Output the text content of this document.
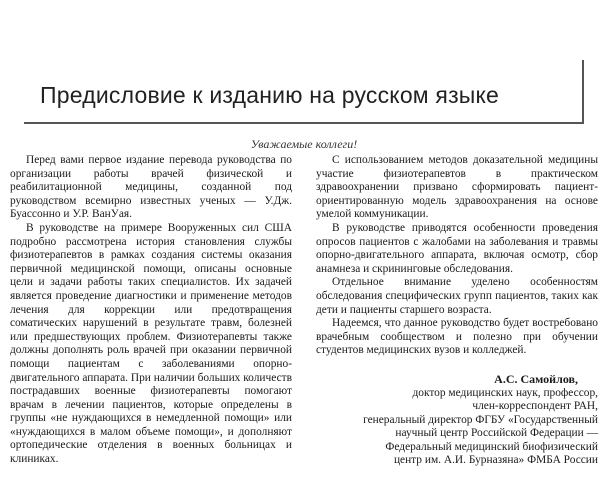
Предисловие к изданию на русском языке
Уважаемые коллеги!

Перед вами первое издание перевода руководства по организации работы врачей физической и реабилитационной медицины, созданной под руководством всемирно известных ученых — У.Дж. Буассонно и У.Р. ВанУая.

В руководстве на примере Вооруженных сил США подробно рассмотрена история становления службы физиотерапевтов в рамках создания системы оказания первичной медицинской помощи, описаны основные цели и задачи работы таких специалистов. Их задачей является проведение диагностики и применение методов лечения для коррекции или предотвращения соматических нарушений в результате травм, болезней или предшествующих проблем. Физиотерапевты также должны дополнять роль врачей при оказании первичной помощи пациентам с заболеваниями опорно-двигательного аппарата. При наличии больших количеств пострадавших военные физиотерапевты помогают врачам в лечении пациентов, которые определены в группы «не нуждающихся в немедленной помощи» или «нуждающихся в малом объеме помощи», и дополняют ортопедические отделения в военных больницах и клиниках.

С использованием методов доказательной медицины участие физиотерапевтов в практическом здравоохранении призвано сформировать пациент-ориентированную модель здравоохранения на основе умелой коммуникации.

В руководстве приводятся особенности проведения опросов пациентов с жалобами на заболевания и травмы опорно-двигательного аппарата, включая осмотр, сбор анамнеза и скрининговые обследования.

Отдельное внимание уделено особенностям обследования специфических групп пациентов, таких как дети и пациенты старшего возраста.

Надеемся, что данное руководство будет востребовано врачебным сообществом и полезно при обучении студентов медицинских вузов и колледжей.

А.С. Самойлов,
доктор медицинских наук, профессор,
член-корреспондент РАН,
генеральный директор ФГБУ «Государственный
научный центр Российской Федерации —
Федеральный медицинский биофизический
центр им. А.И. Бурназяна» ФМБА России
